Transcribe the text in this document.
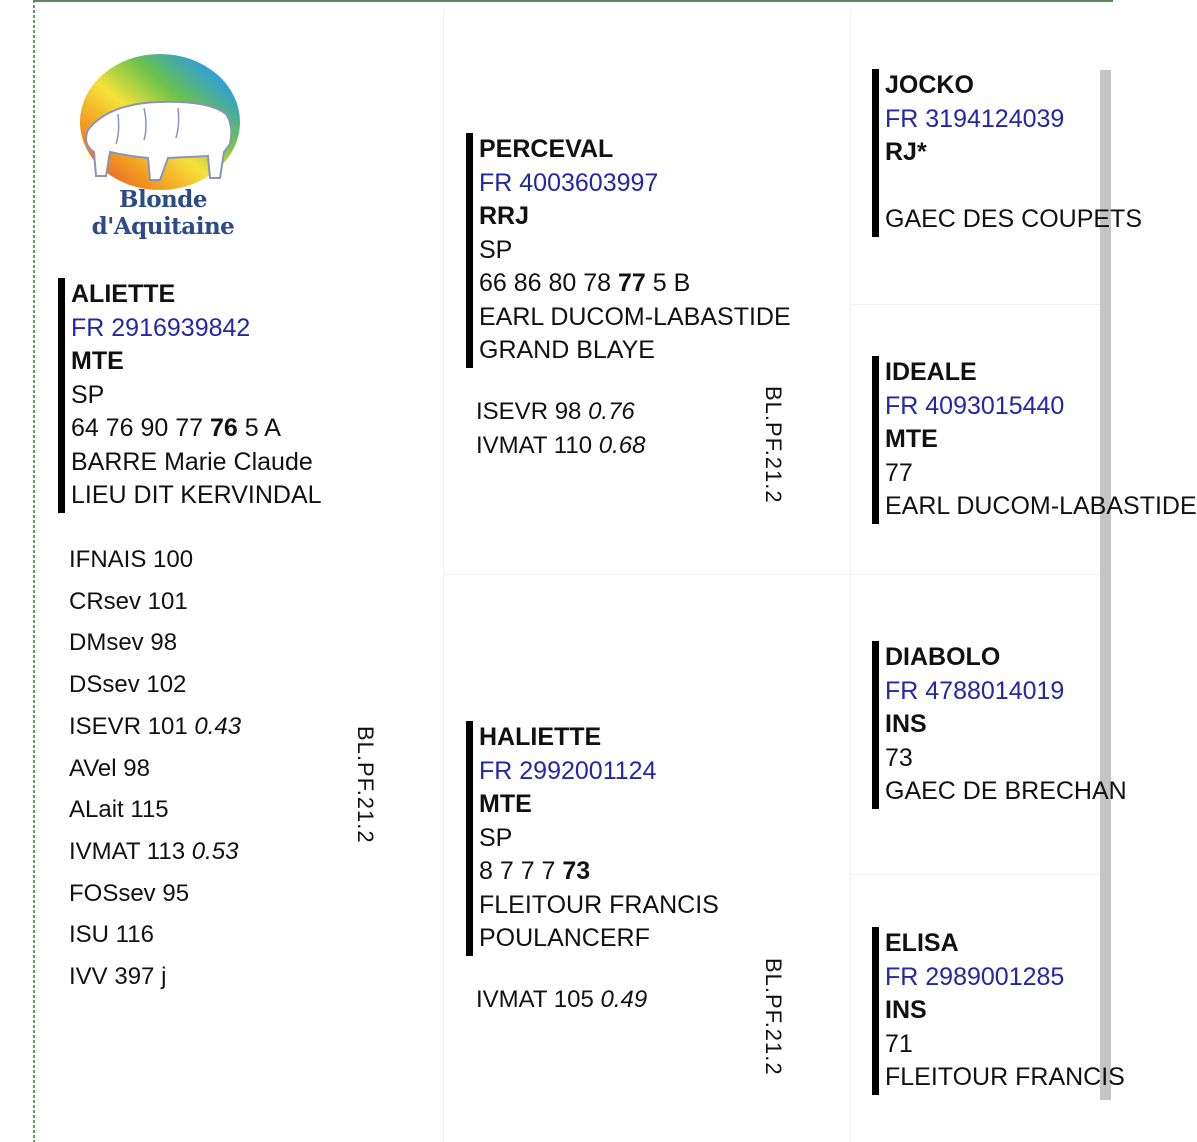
Blonde d'Aquitaine
ALIETTE
FR 2916939842
MTE
SP
64 76 90 77 76 5 A
BARRE Marie Claude
LIEU DIT KERVINDAL
IFNAIS 100
CRsev 101
DMsev 98
DSsev 102
ISEVR 101 0.43
AVel 98
ALait 115
IVMAT 113 0.53
FOSsev 95
ISU 116
IVV 397 j
BL.PF.21.2
PERCEVAL
FR 4003603997
RRJ
SP
66 86 80 78 77 5 B
EARL DUCOM-LABASTIDE
GRAND BLAYE
ISEVR 98 0.76
IVMAT 110 0.68	BL.PF.21.2
HALIETTE
FR 2992001124
MTE
SP
8 7 7 7 73
FLEITOUR FRANCIS
POULANCERF
IVMAT 105 0.49	BL.PF.21.2
JOCKO
FR 3194124039
RJ*

GAEC DES COUPETS
IDEALE
FR 4093015440
MTE
77
EARL DUCOM-LABASTIDE
DIABOLO
FR 4788014019
INS
73
GAEC DE BRECHAN
ELISA
FR 2989001285
INS
71
FLEITOUR FRANCIS
